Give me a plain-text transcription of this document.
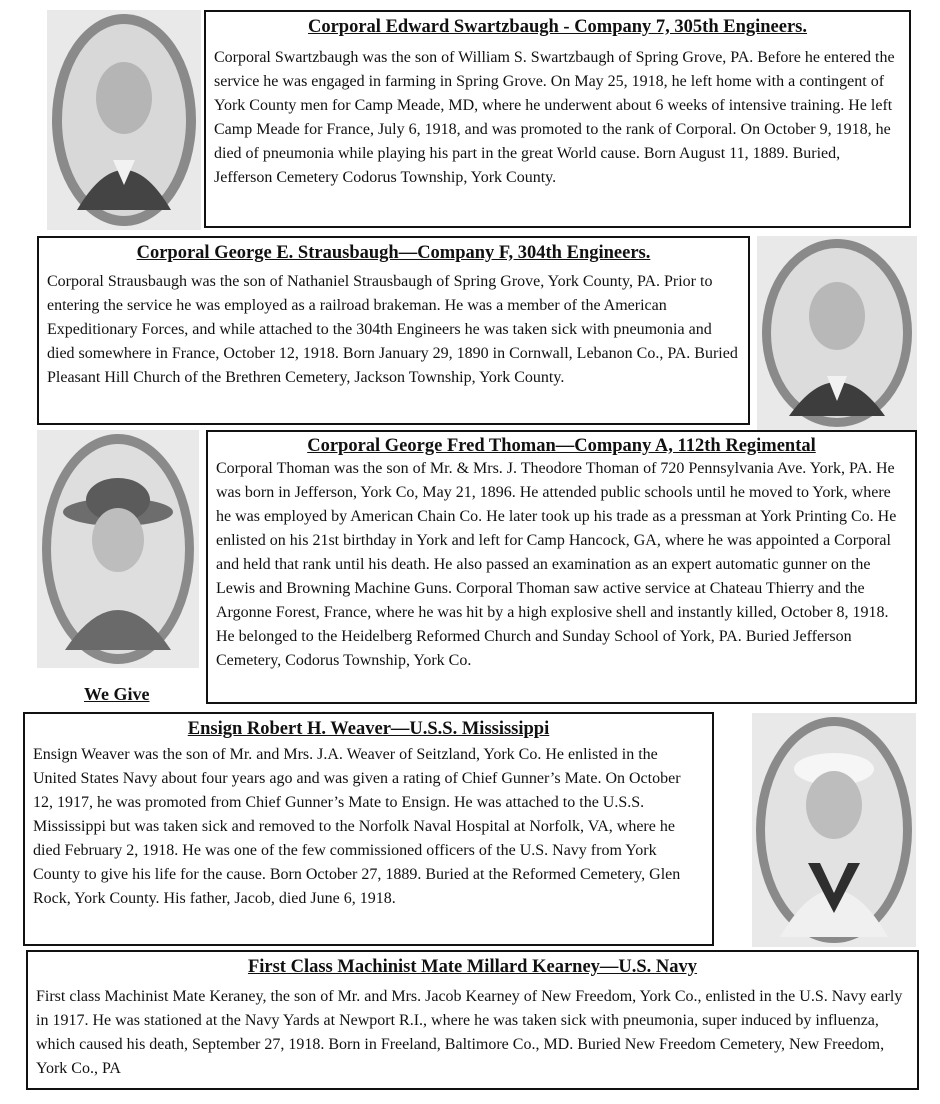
Corporal Edward Swartzbaugh - Company 7, 305th Engineers.

Corporal Swartzbaugh was the son of William S. Swartzbaugh of Spring Grove, PA. Before he entered the service he was engaged in farming in Spring Grove. On May 25, 1918, he left home with a contingent of York County men for Camp Meade, MD, where he underwent about 6 weeks of intensive training. He left Camp Meade for France, July 6, 1918, and was promoted to the rank of Corporal. On October 9, 1918, he died of pneumonia while playing his part in the great World cause. Born August 11, 1889. Buried, Jefferson Cemetery Codorus Township, York County.

Corporal George E. Strausbaugh—Company F, 304th Engineers.

Corporal Strausbaugh was the son of Nathaniel Strausbaugh of Spring Grove, York County, PA. Prior to entering the service he was employed as a railroad brakeman. He was a member of the American Expeditionary Forces, and while attached to the 304th Engineers he was taken sick with pneumonia and died somewhere in France, October 12, 1918. Born January 29, 1890 in Cornwall, Lebanon Co., PA. Buried Pleasant Hill Church of the Brethren Cemetery, Jackson Township, York County.

We Give
Corporal George Fred Thoman—Company A, 112th Regimental

Corporal Thoman was the son of Mr. & Mrs. J. Theodore Thoman of 720 Pennsylvania Ave. York, PA. He was born in Jefferson, York Co, May 21, 1896. He attended public schools until he moved to York, where he was employed by American Chain Co. He later took up his trade as a pressman at York Printing Co. He enlisted on his 21st birthday in York and left for Camp Hancock, GA, where he was appointed a Corporal and held that rank until his death. He also passed an examination as an expert automatic gunner on the Lewis and Browning Machine Guns. Corporal Thoman saw active service at Chateau Thierry and the Argonne Forest, France, where he was hit by a high explosive shell and instantly killed, October 8, 1918. He belonged to the Heidelberg Reformed Church and Sunday School of York, PA. Buried Jefferson Cemetery, Codorus Township, York Co.

Ensign Robert H. Weaver—U.S.S. Mississippi

Ensign Weaver was the son of Mr. and Mrs. J.A. Weaver of Seitzland, York Co. He enlisted in the United States Navy about four years ago and was given a rating of Chief Gunner’s Mate. On October 12, 1917, he was promoted from Chief Gunner’s Mate to Ensign. He was attached to the U.S.S. Mississippi but was taken sick and removed to the Norfolk Naval Hospital at Norfolk, VA, where he died February 2, 1918. He was one of the few commissioned officers of the U.S. Navy from York County to give his life for the cause. Born October 27, 1889. Buried at the Reformed Cemetery, Glen Rock, York County. His father, Jacob, died June 6, 1918.

First Class Machinist Mate Millard Kearney—U.S. Navy

First class Machinist Mate Keraney, the son of Mr. and Mrs. Jacob Kearney of New Freedom, York Co., enlisted in the U.S. Navy early in 1917. He was stationed at the Navy Yards at Newport R.I., where he was taken sick with pneumonia, super induced by influenza, which caused his death, September 27, 1918. Born in Freeland, Baltimore Co., MD. Buried New Freedom Cemetery, New Freedom, York Co., PA
